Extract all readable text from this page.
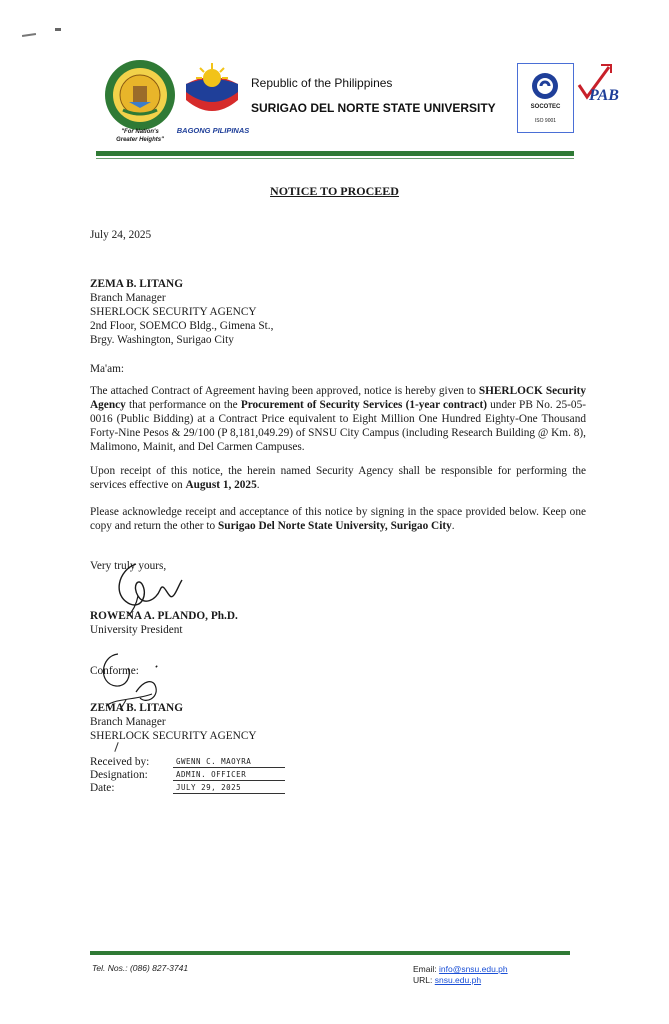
"For Nation's Greater Heights"
BAGONG PILIPINAS
Republic of the Philippines
SURIGAO DEL NORTE STATE UNIVERSITY	SOCOTEC
ISO 9001
PAB
NOTICE TO PROCEED
July 24, 2025
ZEMA B. LITANG
Branch Manager
SHERLOCK SECURITY AGENCY
2nd Floor, SOEMCO Bldg., Gimena St.,
Brgy. Washington, Surigao City
Ma'am:
The attached Contract of Agreement having been approved, notice is hereby given to SHERLOCK Security Agency that performance on the Procurement of Security Services (1-year contract) under PB No. 25-05-0016 (Public Bidding) at a Contract Price equivalent to Eight Million One Hundred Eighty-One Thousand Forty-Nine Pesos & 29/100 (P 8,181,049.29) of SNSU City Campus (including Research Building @ Km. 8), Malimono, Mainit, and Del Carmen Campuses.
Upon receipt of this notice, the herein named Security Agency shall be responsible for performing the services effective on August 1, 2025.
Please acknowledge receipt and acceptance of this notice by signing in the space provided below. Keep one copy and return the other to Surigao Del Norte State University, Surigao City.
Very truly yours,
ROWENA A. PLANDO, Ph.D.
University President
Conforme:
ZEMA B. LITANG
Branch Manager
SHERLOCK SECURITY AGENCY
Received by:
Designation:
Date:
GWENN C. MAOYRA
ADMIN. OFFICER
JULY 29, 2025
Tel. Nos.: (086) 827-3741	Email: info@snsu.edu.ph
URL: snsu.edu.ph
